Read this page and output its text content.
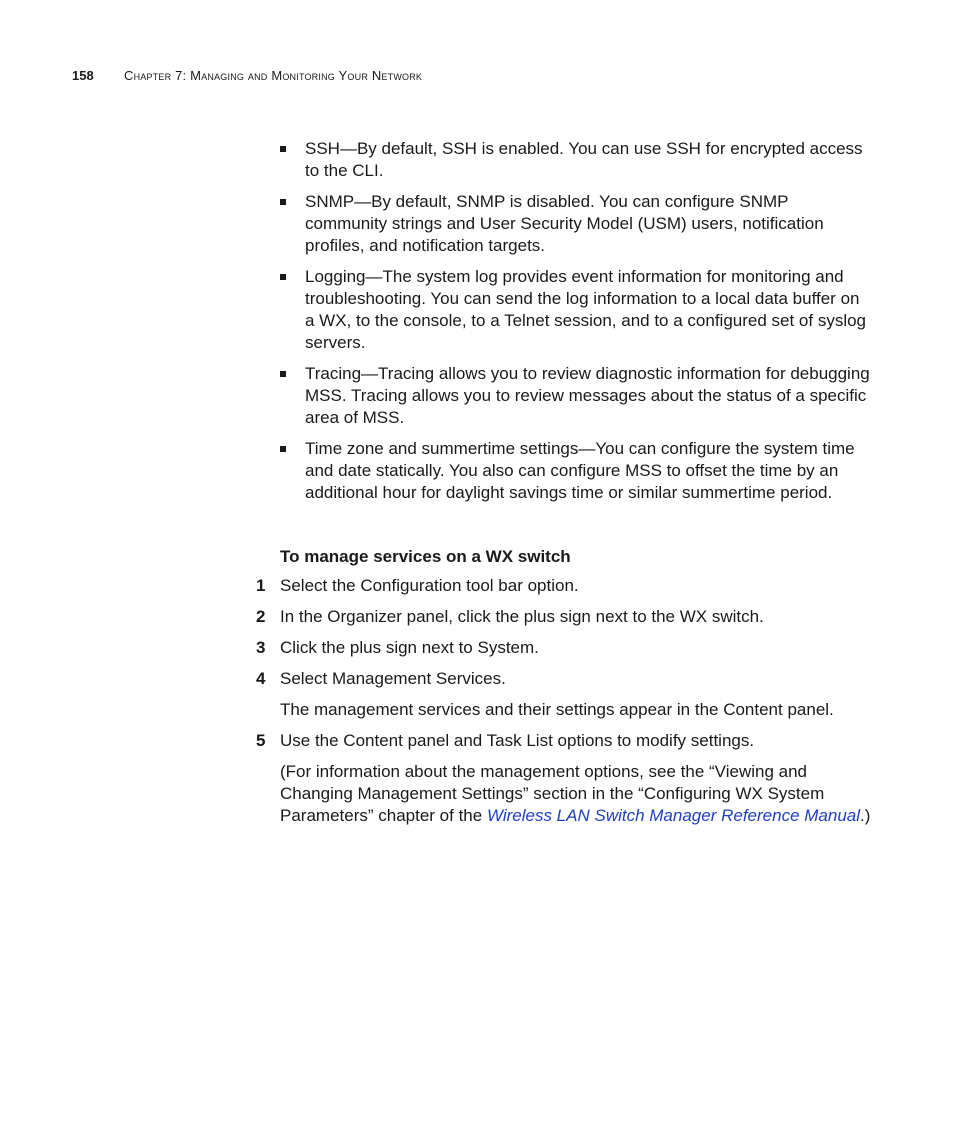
158 Chapter 7: Managing and Monitoring Your Network
SSH—By default, SSH is enabled. You can use SSH for encrypted access to the CLI.
SNMP—By default, SNMP is disabled. You can configure SNMP community strings and User Security Model (USM) users, notification profiles, and notification targets.
Logging—The system log provides event information for monitoring and troubleshooting. You can send the log information to a local data buffer on a WX, to the console, to a Telnet session, and to a configured set of syslog servers.
Tracing—Tracing allows you to review diagnostic information for debugging MSS. Tracing allows you to review messages about the status of a specific area of MSS.
Time zone and summertime settings—You can configure the system time and date statically. You also can configure MSS to offset the time by an additional hour for daylight savings time or similar summertime period.
To manage services on a WX switch
1 Select the Configuration tool bar option.
2 In the Organizer panel, click the plus sign next to the WX switch.
3 Click the plus sign next to System.
4 Select Management Services.
The management services and their settings appear in the Content panel.
5 Use the Content panel and Task List options to modify settings.
(For information about the management options, see the “Viewing and Changing Management Settings” section in the “Configuring WX System Parameters” chapter of the Wireless LAN Switch Manager Reference Manual.)
